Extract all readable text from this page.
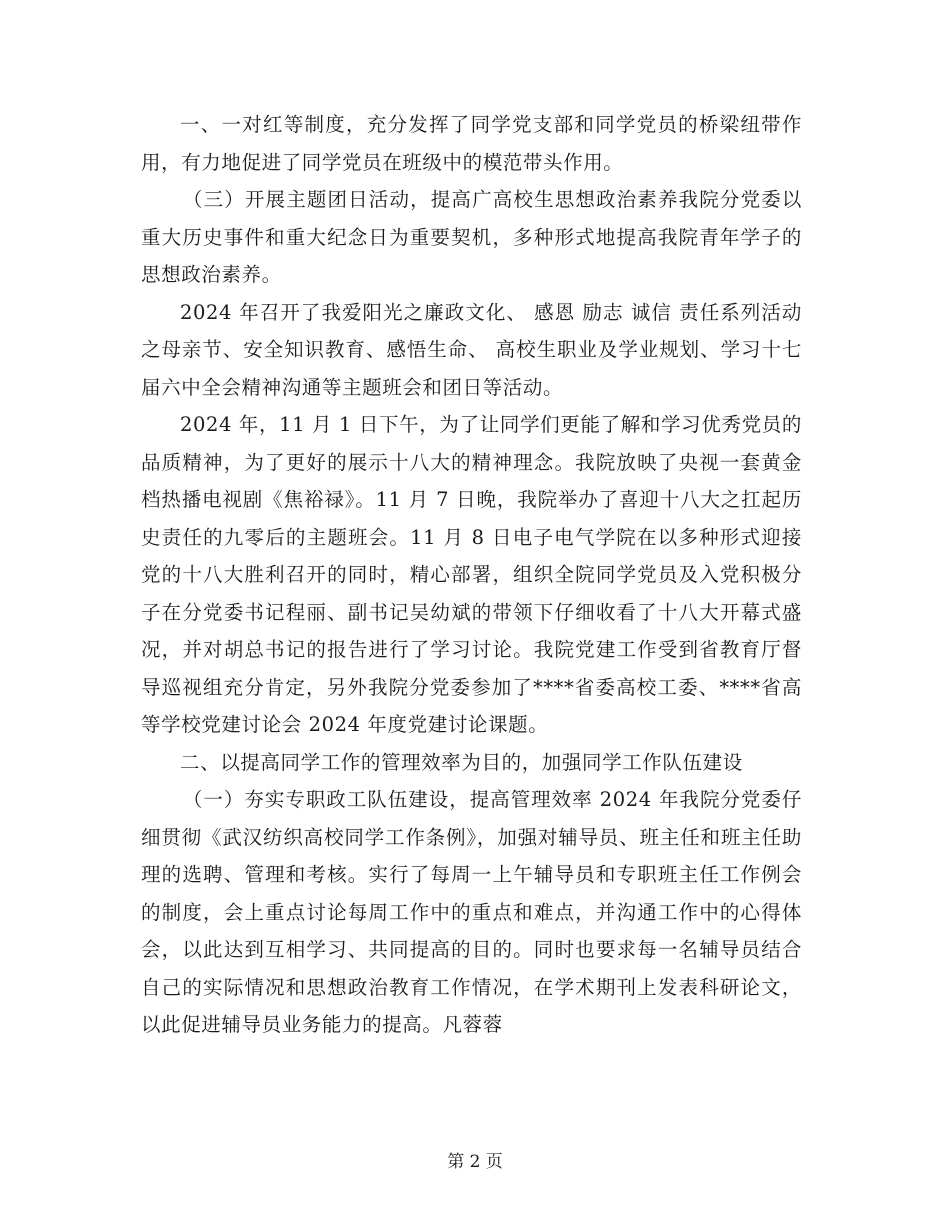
一、一对红等制度，充分发挥了同学党支部和同学党员的桥梁纽带作用，有力地促进了同学党员在班级中的模范带头作用。

（三）开展主题团日活动，提高广高校生思想政治素养我院分党委以重大历史事件和重大纪念日为重要契机，多种形式地提高我院青年学子的思想政治素养。

2024 年召开了我爱阳光之廉政文化、 感恩 励志 诚信 责任系列活动之母亲节、安全知识教育、感悟生命、 高校生职业及学业规划、学习十七届六中全会精神沟通等主题班会和团日等活动。

2024 年，11 月 1 日下午，为了让同学们更能了解和学习优秀党员的品质精神，为了更好的展示十八大的精神理念。我院放映了央视一套黄金档热播电视剧《焦裕禄》。11 月 7 日晚，我院举办了喜迎十八大之扛起历史责任的九零后的主题班会。11 月 8 日电子电气学院在以多种形式迎接党的十八大胜利召开的同时，精心部署，组织全院同学党员及入党积极分子在分党委书记程丽、副书记吴幼斌的带领下仔细收看了十八大开幕式盛况，并对胡总书记的报告进行了学习讨论。我院党建工作受到省教育厅督导巡视组充分肯定，另外我院分党委参加了****省委高校工委、****省高等学校党建讨论会 2024 年度党建讨论课题。

二、以提高同学工作的管理效率为目的，加强同学工作队伍建设

（一）夯实专职政工队伍建设，提高管理效率 2024 年我院分党委仔细贯彻《武汉纺织高校同学工作条例》，加强对辅导员、班主任和班主任助理的选聘、管理和考核。实行了每周一上午辅导员和专职班主任工作例会的制度，会上重点讨论每周工作中的重点和难点，并沟通工作中的心得体会，以此达到互相学习、共同提高的目的。同时也要求每一名辅导员结合自己的实际情况和思想政治教育工作情况，在学术期刊上发表科研论文，以此促进辅导员业务能力的提高。凡蓉蓉

第 2 页
